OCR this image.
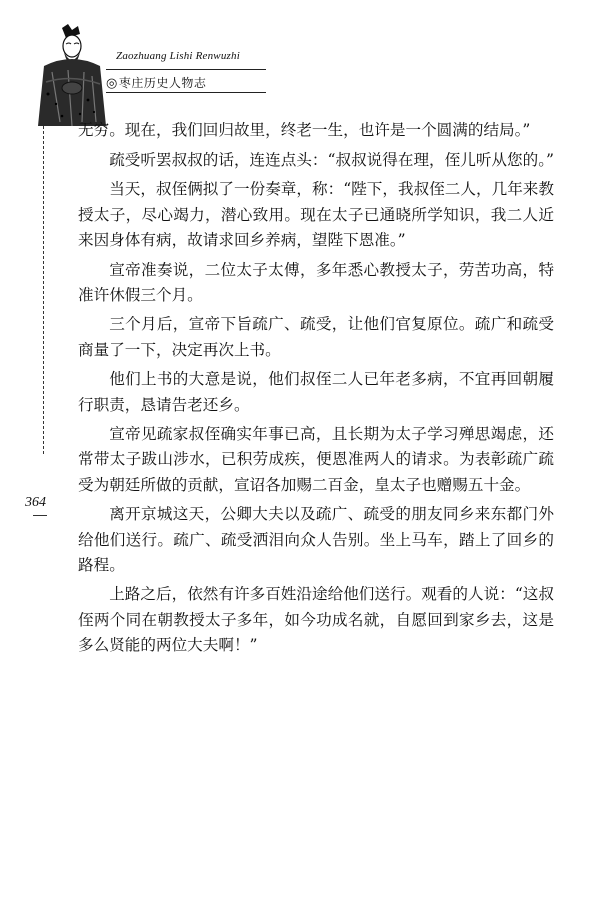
Zaozhuang Lishi Renwuzhi
◎枣庄历史人物志
364

无穷。现在，我们回归故里，终老一生，也许是一个圆满的结局。”

疏受听罢叔叔的话，连连点头：“叔叔说得在理，侄儿听从您的。”

当天，叔侄俩拟了一份奏章，称：“陛下，我叔侄二人，几年来教授太子，尽心竭力，潜心致用。现在太子已通晓所学知识，我二人近来因身体有病，故请求回乡养病，望陛下恩准。”

宣帝准奏说，二位太子太傅，多年悉心教授太子，劳苦功高，特准许休假三个月。

三个月后，宣帝下旨疏广、疏受，让他们官复原位。疏广和疏受商量了一下，决定再次上书。

他们上书的大意是说，他们叔侄二人已年老多病，不宜再回朝履行职责，恳请告老还乡。

宣帝见疏家叔侄确实年事已高，且长期为太子学习殚思竭虑，还常带太子跋山涉水，已积劳成疾，便恩准两人的请求。为表彰疏广疏受为朝廷所做的贡献，宣诏各加赐二百金，皇太子也赠赐五十金。

离开京城这天，公卿大夫以及疏广、疏受的朋友同乡来东都门外给他们送行。疏广、疏受洒泪向众人告别。坐上马车，踏上了回乡的路程。

上路之后，依然有许多百姓沿途给他们送行。观看的人说：“这叔侄两个同在朝教授太子多年，如今功成名就，自愿回到家乡去，这是多么贤能的两位大夫啊！”
